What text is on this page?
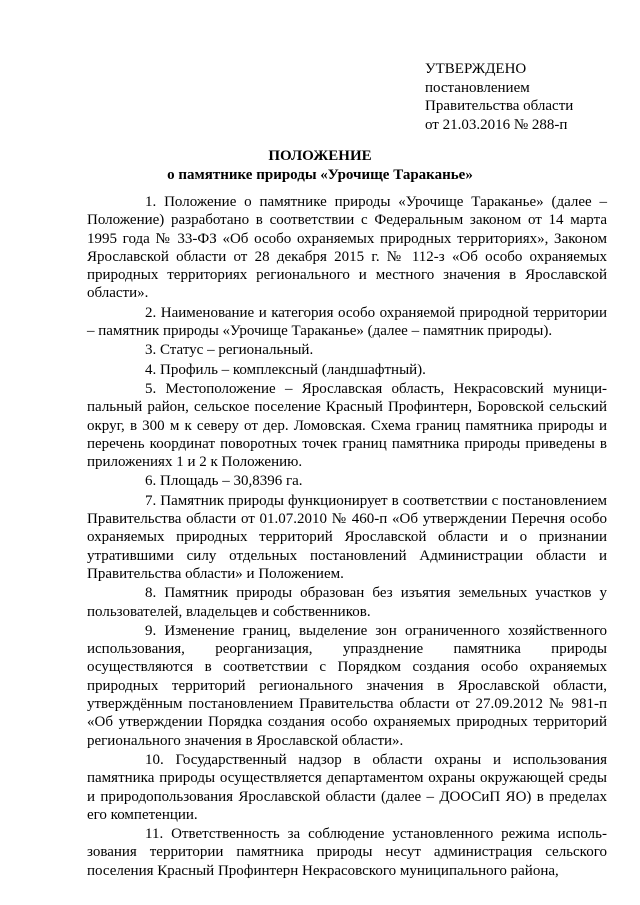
УТВЕРЖДЕНО
постановлением
Правительства области
от 21.03.2016 № 288-п
ПОЛОЖЕНИЕ
о памятнике природы «Урочище Тараканье»

1. Положение о памятнике природы «Урочище Тараканье» (далее – Положение) разработано в соответствии с Федеральным законом от 14 марта 1995 года № 33-ФЗ «Об особо охраняемых природных территориях», Законом Ярославской области от 28 декабря 2015 г. № 112-з «Об особо охраняемых природных территориях регионального и местного значения в Ярославской области».

2. Наименование и категория особо охраняемой природной территории – памятник природы «Урочище Тараканье» (далее – памятник природы).

3. Статус – региональный.

4. Профиль – комплексный (ландшафтный).

5. Местоположение – Ярославская область, Некрасовский муниципальный район, сельское поселение Красный Профинтерн, Боровской сельский округ, в 300 м к северу от дер. Ломовская. Схема границ памятника природы и перечень координат поворотных точек границ памятника природы приведены в приложениях 1 и 2 к Положению.

6. Площадь – 30,8396 га.

7. Памятник природы функционирует в соответствии с постановлением Правительства области от 01.07.2010 № 460-п «Об утверждении Перечня особо охраняемых природных территорий Ярославской области и о признании утратившими силу отдельных постановлений Администрации области и Правительства области» и Положением.

8. Памятник природы образован без изъятия земельных участков у пользователей, владельцев и собственников.

9. Изменение границ, выделение зон ограниченного хозяйственного использования, реорганизация, упразднение памятника природы осуществляются в соответствии с Порядком создания особо охраняемых природных территорий регионального значения в Ярославской области, утверждённым постановлением Правительства области от 27.09.2012 № 981-п «Об утверждении Порядка создания особо охраняемых природных территорий регионального значения в Ярославской области».

10. Государственный надзор в области охраны и использования памятника природы осуществляется департаментом охраны окружающей среды и природопользования Ярославской области (далее – ДООСиП ЯО) в пределах его компетенции.

11. Ответственность за соблюдение установленного режима использования территории памятника природы несут администрация сельского поселения Красный Профинтерн Некрасовского муниципального района,
